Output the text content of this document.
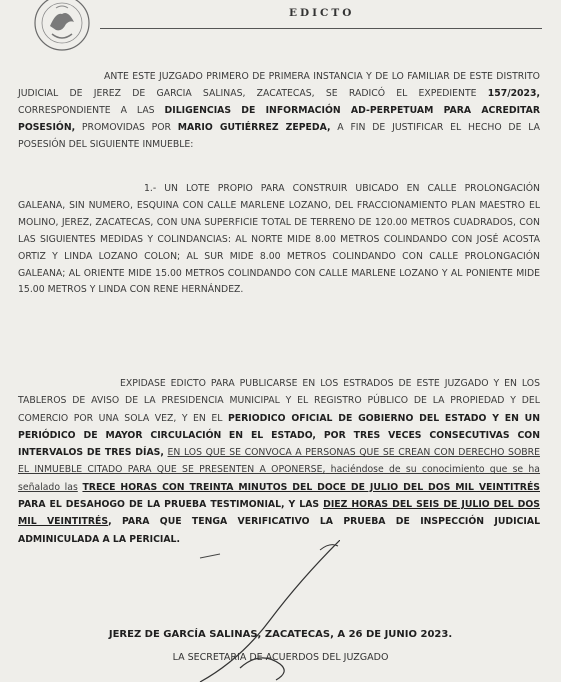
EDICTO
ANTE ESTE JUZGADO PRIMERO DE PRIMERA INSTANCIA Y DE LO FAMILIAR DE ESTE DISTRITO JUDICIAL DE JEREZ DE GARCIA SALINAS, ZACATECAS, SE RADICÓ EL EXPEDIENTE 157/2023, CORRESPONDIENTE A LAS DILIGENCIAS DE INFORMACIÓN AD-PERPETUAM PARA ACREDITAR POSESIÓN, PROMOVIDAS POR MARIO GUTIÉRREZ ZEPEDA, A FIN DE JUSTIFICAR EL HECHO DE LA POSESIÓN DEL SIGUIENTE INMUEBLE:
1.- UN LOTE PROPIO PARA CONSTRUIR UBICADO EN CALLE PROLONGACIÓN GALEANA, SIN NUMERO, ESQUINA CON CALLE MARLENE LOZANO, DEL FRACCIONAMIENTO PLAN MAESTRO EL MOLINO, JEREZ, ZACATECAS, CON UNA SUPERFICIE TOTAL DE TERRENO DE 120.00 METROS CUADRADOS, CON LAS SIGUIENTES MEDIDAS Y COLINDANCIAS: AL NORTE MIDE 8.00 METROS COLINDANDO CON JOSÉ ACOSTA ORTIZ Y LINDA LOZANO COLON; AL SUR MIDE 8.00 METROS COLINDANDO CON CALLE PROLONGACIÓN GALEANA; AL ORIENTE MIDE 15.00 METROS COLINDANDO CON CALLE MARLENE LOZANO Y AL PONIENTE MIDE 15.00 METROS Y LINDA CON RENE HERNÁNDEZ.
EXPIDASE EDICTO PARA PUBLICARSE EN LOS ESTRADOS DE ESTE JUZGADO Y EN LOS TABLEROS DE AVISO DE LA PRESIDENCIA MUNICIPAL Y EL REGISTRO PÚBLICO DE LA PROPIEDAD Y DEL COMERCIO POR UNA SOLA VEZ, Y EN EL PERIODICO OFICIAL DE GOBIERNO DEL ESTADO Y EN UN PERIÓDICO DE MAYOR CIRCULACIÓN EN EL ESTADO, POR TRES VECES CONSECUTIVAS CON INTERVALOS DE TRES DÍAS, EN LOS QUE SE CONVOCA A PERSONAS QUE SE CREAN CON DERECHO SOBRE EL INMUEBLE CITADO PARA QUE SE PRESENTEN A OPONERSE, haciéndose de su conocimiento que se ha señalado las TRECE HORAS CON TREINTA MINUTOS DEL DOCE DE JULIO DEL DOS MIL VEINTITRÉS PARA EL DESAHOGO DE LA PRUEBA TESTIMONIAL, Y LAS DIEZ HORAS DEL SEIS DE JULIO DEL DOS MIL VEINTITRÉS, PARA QUE TENGA VERIFICATIVO LA PRUEBA DE INSPECCIÓN JUDICIAL ADMINICULADA A LA PERICIAL.
JEREZ DE GARCÍA SALINAS, ZACATECAS, A 26 DE JUNIO 2023.
LA SECRETARIA DE ACUERDOS DEL JUZGADO
